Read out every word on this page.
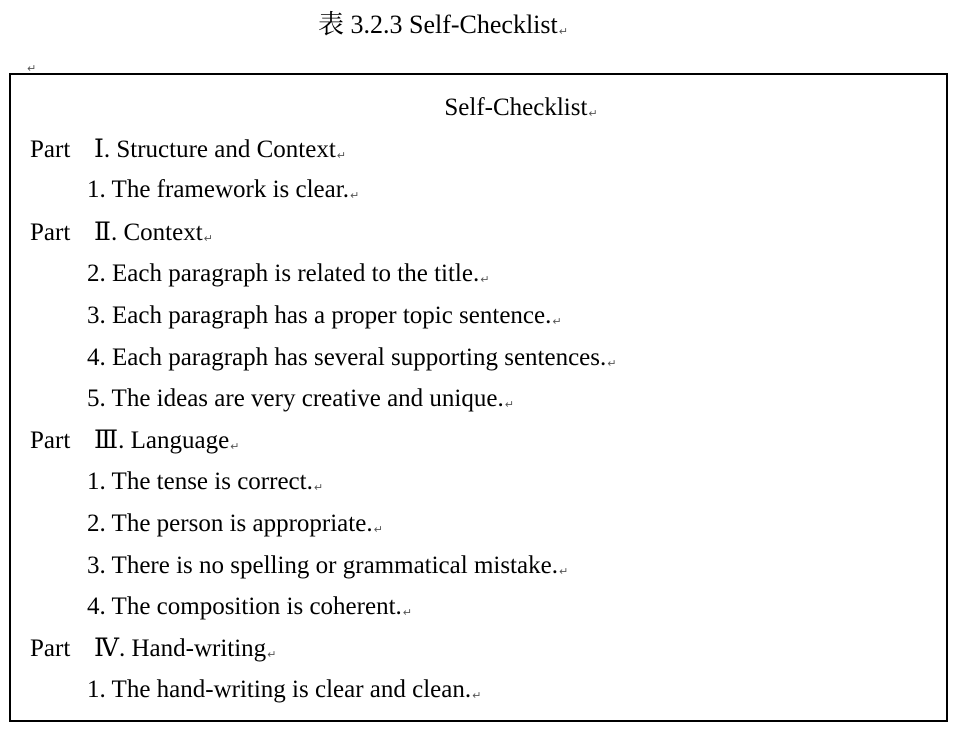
表 3.2.3 Self-Checklist↵
↵
Self-Checklist↵
Part Ⅰ. Structure and Context↵
1. The framework is clear.↵
Part Ⅱ. Context↵
2. Each paragraph is related to the title.↵
3. Each paragraph has a proper topic sentence.↵
4. Each paragraph has several supporting sentences.↵
5. The ideas are very creative and unique.↵
Part Ⅲ. Language↵
1. The tense is correct.↵
2. The person is appropriate.↵
3. There is no spelling or grammatical mistake.↵
4. The composition is coherent.↵
Part Ⅳ. Hand-writing↵
1. The hand-writing is clear and clean.↵
